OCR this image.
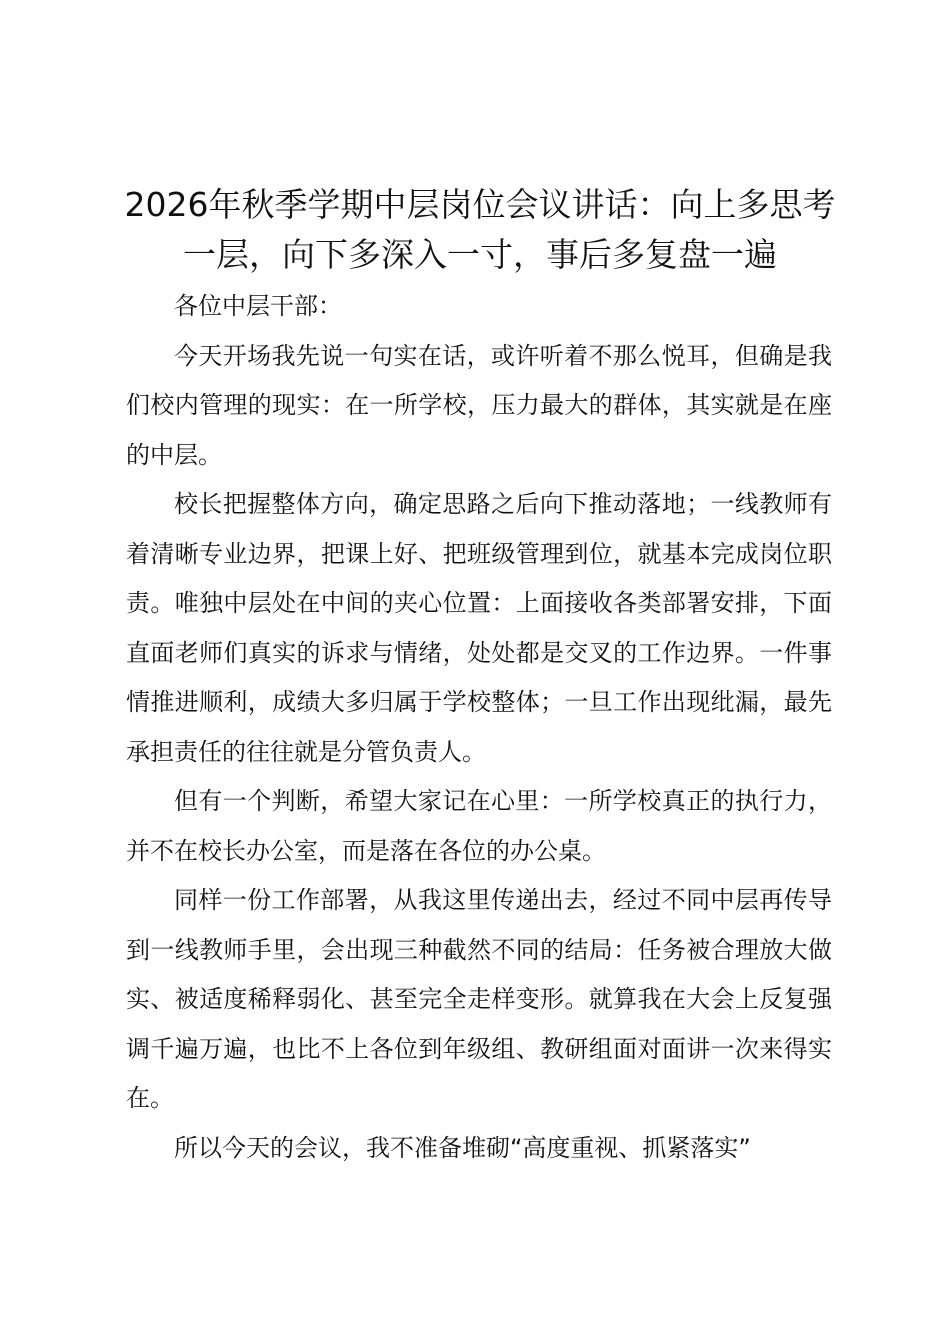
2026年秋季学期中层岗位会议讲话：向上多思考一层，向下多深入一寸，事后多复盘一遍

各位中层干部：

今天开场我先说一句实在话，或许听着不那么悦耳，但确是我们校内管理的现实：在一所学校，压力最大的群体，其实就是在座的中层。

校长把握整体方向，确定思路之后向下推动落地；一线教师有着清晰专业边界，把课上好、把班级管理到位，就基本完成岗位职责。唯独中层处在中间的夹心位置：上面接收各类部署安排，下面直面老师们真实的诉求与情绪，处处都是交叉的工作边界。一件事情推进顺利，成绩大多归属于学校整体；一旦工作出现纰漏，最先承担责任的往往就是分管负责人。

但有一个判断，希望大家记在心里：一所学校真正的执行力，并不在校长办公室，而是落在各位的办公桌。

同样一份工作部署，从我这里传递出去，经过不同中层再传导到一线教师手里，会出现三种截然不同的结局：任务被合理放大做实、被适度稀释弱化、甚至完全走样变形。就算我在大会上反复强调千遍万遍，也比不上各位到年级组、教研组面对面讲一次来得实在。

所以今天的会议，我不准备堆砌“高度重视、抓紧落实”
